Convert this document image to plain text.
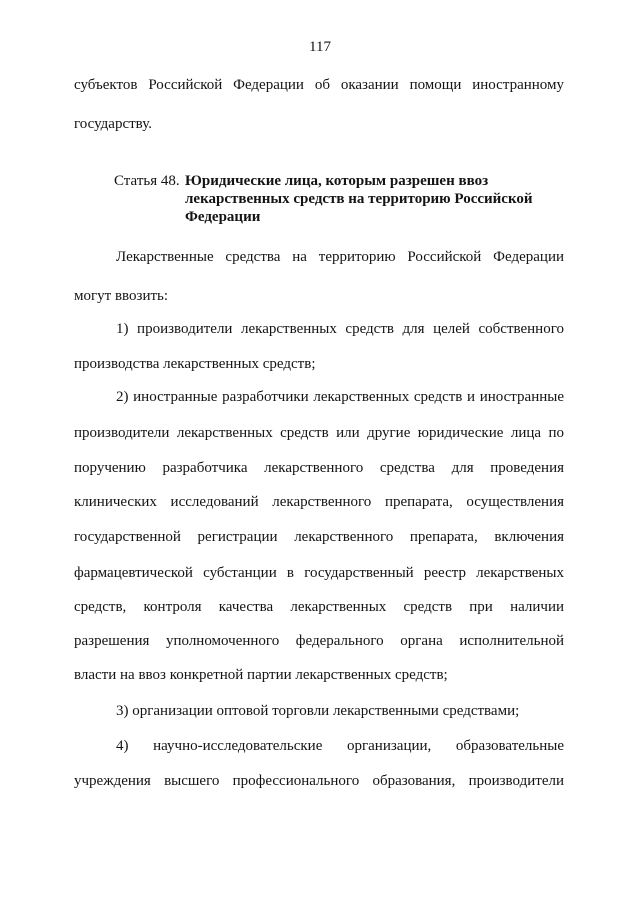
117
субъектов Российской Федерации об оказании помощи иностранному
государству.
Статья 48. Юридические лица, которым разрешен ввоз
лекарственных средств на территорию Российской
Федерации
Лекарственные средства на территорию Российской Федерации
могут ввозить:
1) производители лекарственных средств для целей собственного
производства лекарственных средств;
2) иностранные разработчики лекарственных средств и иностранные
производители лекарственных средств или другие юридические лица по
поручению разработчика лекарственного средства для проведения
клинических исследований лекарственного препарата, осуществления
государственной регистрации лекарственного препарата, включения
фармацевтической субстанции в государственный реестр лекарственых
средств, контроля качества лекарственных средств при наличии
разрешения уполномоченного федерального органа исполнительной
власти на ввоз конкретной партии лекарственных средств;
3) организации оптовой торговли лекарственными средствами;
4) научно-исследовательские организации, образовательные
учреждения высшего профессионального образования, производители
